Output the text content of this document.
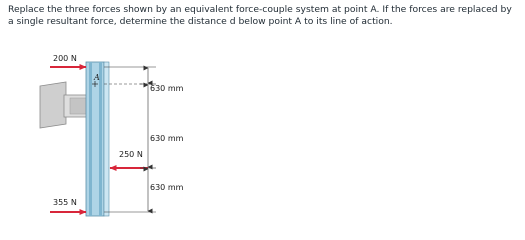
Replace the three forces shown by an equivalent force-couple system at point A. If the forces are replaced by a single resultant force, determine the distance d below point A to its line of action.
A
200 N
250 N
355 N
630 mm
630 mm
630 mm
